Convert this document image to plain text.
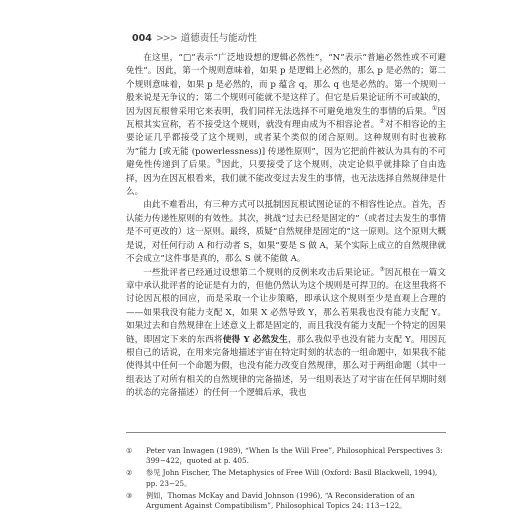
004 >>> 道德责任与能动性

在这里，“□”表示“广泛地设想的逻辑必然性”，“N”表示“普遍必然性或不可避免性”。因此，第一个规则意味着，如果 p 是逻辑上必然的，那么 p 是必然的；第二个规则意味着，如果 p 是必然的，而 p 蕴含 q，那么 q 也是必然的。第一个规则一般来说是无争议的；第二个规则可能就不是这样了。但它是后果论证所不可或缺的，因为因瓦根曾采用它来表明，我们同样无法选择不可避免地发生的事情的后果。①因瓦根其实宣称，若不接受这个规则，就没有理由成为不相容论者。②对不相容论的主要论证几乎都接受了这个规则，或者某个类似的闭合原则。这种规则有时也被称为“能力 [或无能 (powerlessness)] 传递性原则”，因为它把前件被认为具有的不可避免性传递到了后果。③因此，只要接受了这个规则，决定论似乎就排除了自由选择，因为在因瓦根看来，我们就不能改变过去发生的事情，也无法选择自然规律是什么。

由此不难看出，有三种方式可以抵制因瓦根试图论证的不相容性论点。首先，否认能力传递性原则的有效性。其次，挑战“过去已经是固定的”（或者过去发生的事情是不可更改的）这一原则。最终，质疑“自然规律是固定的”这一原则。这个原则大概是说，对任何行动 A 和行动者 S，如果“要是 S 做 A，某个实际上成立的自然规律就不会成立”这件事是真的，那么 S 就不能做 A。

一些批评者已经通过设想第二个规则的反例来攻击后果论证。③因瓦根在一篇文章中承认批评者的论证是有力的，但他仍然认为这个规则是可捍卫的。在这里我将不讨论因瓦根的回应，而是采取一个让步策略，即承认这个规则至少是直观上合理的——如果我没有能力支配 X，如果 X 必然导致 Y，那么若果我也没有能力支配 Y。如果过去和自然规律在上述意义上都是固定的，而且我没有能力支配一个特定的因果链，即固定下来的东西将使得 Y 必然发生，那么我似乎也没有能力支配 Y。用因瓦根自己的话说，在用来完备地描述宇宙在特定时刻的状态的一组命题中，如果我不能使得其中任何一个命题为假，也没有能力改变自然规律，那么对于两组命题（其中一组表达了对所有相关的自然规律的完备描述，另一组则表达了对宇宙在任何早期时刻的状态的完备描述）的任何一个逻辑后承，我也

①	Peter van Inwagen (1989), “When Is the Will Free”, Philosophical Perspectives 3: 399−422，quoted at p. 405.
②	参见 John Fischer, The Metaphysics of Free Will (Oxford: Basil Blackwell, 1994), pp. 23−25。
③	例如，Thomas McKay and David Johnson (1996), “A Reconsideration of an Argument Against Compatibilism”, Philosophical Topics 24: 113−122。
